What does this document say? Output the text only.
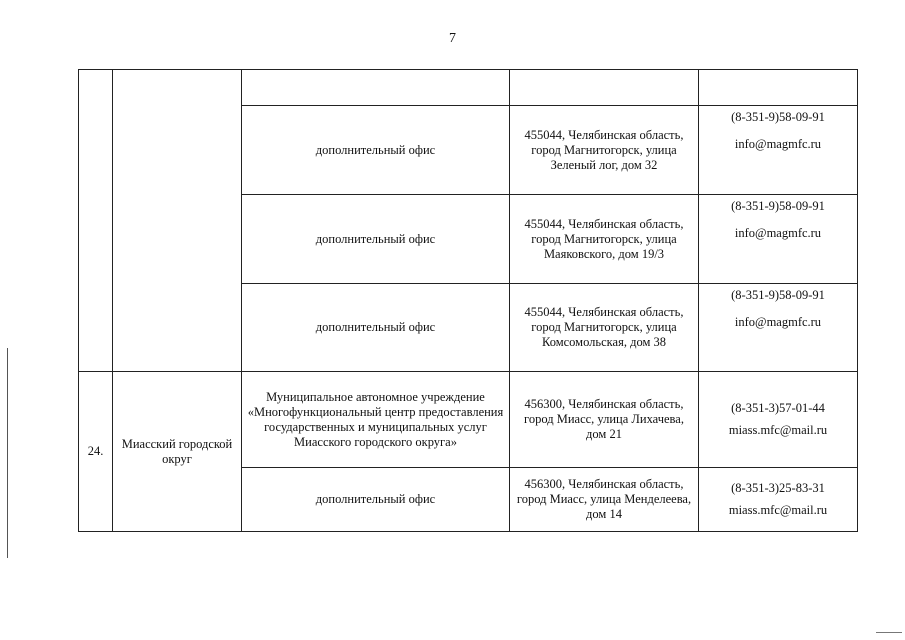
7

		дополнительный офис	455044, Челябинская область, город Магнитогорск, улица Зеленый лог, дом 32	(8-351-9)58-09-91
info@magmfc.ru

		дополнительный офис	455044, Челябинская область, город Магнитогорск, улица Маяковского, дом 19/3	(8-351-9)58-09-91
info@magmfc.ru

		дополнительный офис	455044, Челябинская область, город Магнитогорск, улица Комсомольская, дом 38	(8-351-9)58-09-91
info@magmfc.ru

24.	Миасский городской округ	Муниципальное автономное учреждение «Многофункциональный центр предоставления государственных и муниципальных услуг Миасского городского округа»	456300, Челябинская область, город Миасс, улица Лихачева, дом 21	(8-351-3)57-01-44
miass.mfc@mail.ru

		дополнительный офис	456300, Челябинская область, город Миасс, улица Менделеева, дом 14	(8-351-3)25-83-31
miass.mfc@mail.ru
